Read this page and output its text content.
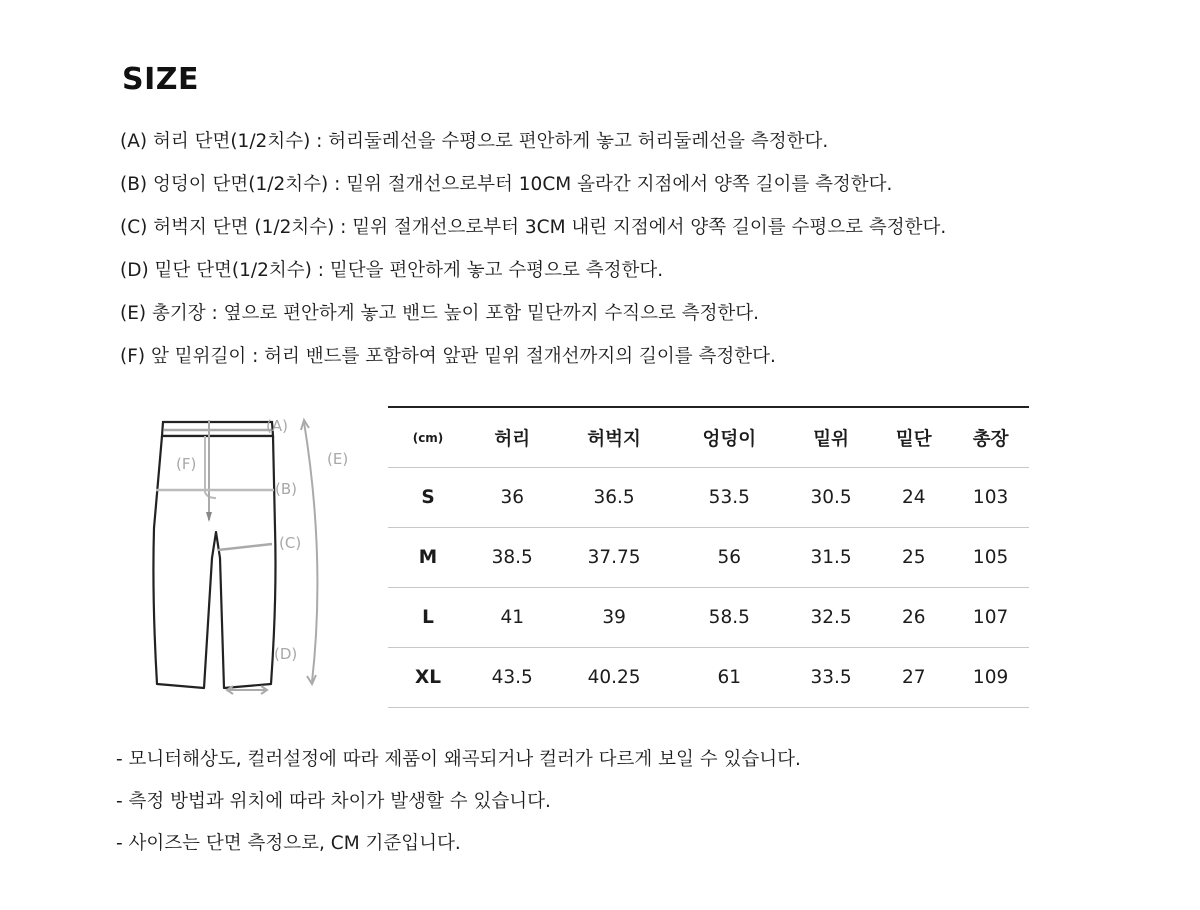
SIZE
(A) 허리 단면(1/2치수) : 허리둘레선을 수평으로 편안하게 놓고 허리둘레선을 측정한다.
(B) 엉덩이 단면(1/2치수) : 밑위 절개선으로부터 10CM 올라간 지점에서 양쪽 길이를 측정한다.
(C) 허벅지 단면 (1/2치수) : 밑위 절개선으로부터 3CM 내린 지점에서 양쪽 길이를 수평으로 측정한다.
(D) 밑단 단면(1/2치수) : 밑단을 편안하게 놓고 수평으로 측정한다.
(E) 총기장 : 옆으로 편안하게 놓고 밴드 높이 포함 밑단까지 수직으로 측정한다.
(F) 앞 밑위길이 : 허리 밴드를 포함하여 앞판 밑위 절개선까지의 길이를 측정한다.
(A)
(F)	(E)
(B)
(C)
(D)
(cm)	허리	허벅지	엉덩이	밑위	밑단	총장
S	36	36.5	53.5	30.5	24	103
M	38.5	37.75	56	31.5	25	105
L	41	39	58.5	32.5	26	107
XL	43.5	40.25	61	33.5	27	109
- 모니터해상도, 컬러설정에 따라 제품이 왜곡되거나 컬러가 다르게 보일 수 있습니다.
- 측정 방법과 위치에 따라 차이가 발생할 수 있습니다.
- 사이즈는 단면 측정으로, CM 기준입니다.
